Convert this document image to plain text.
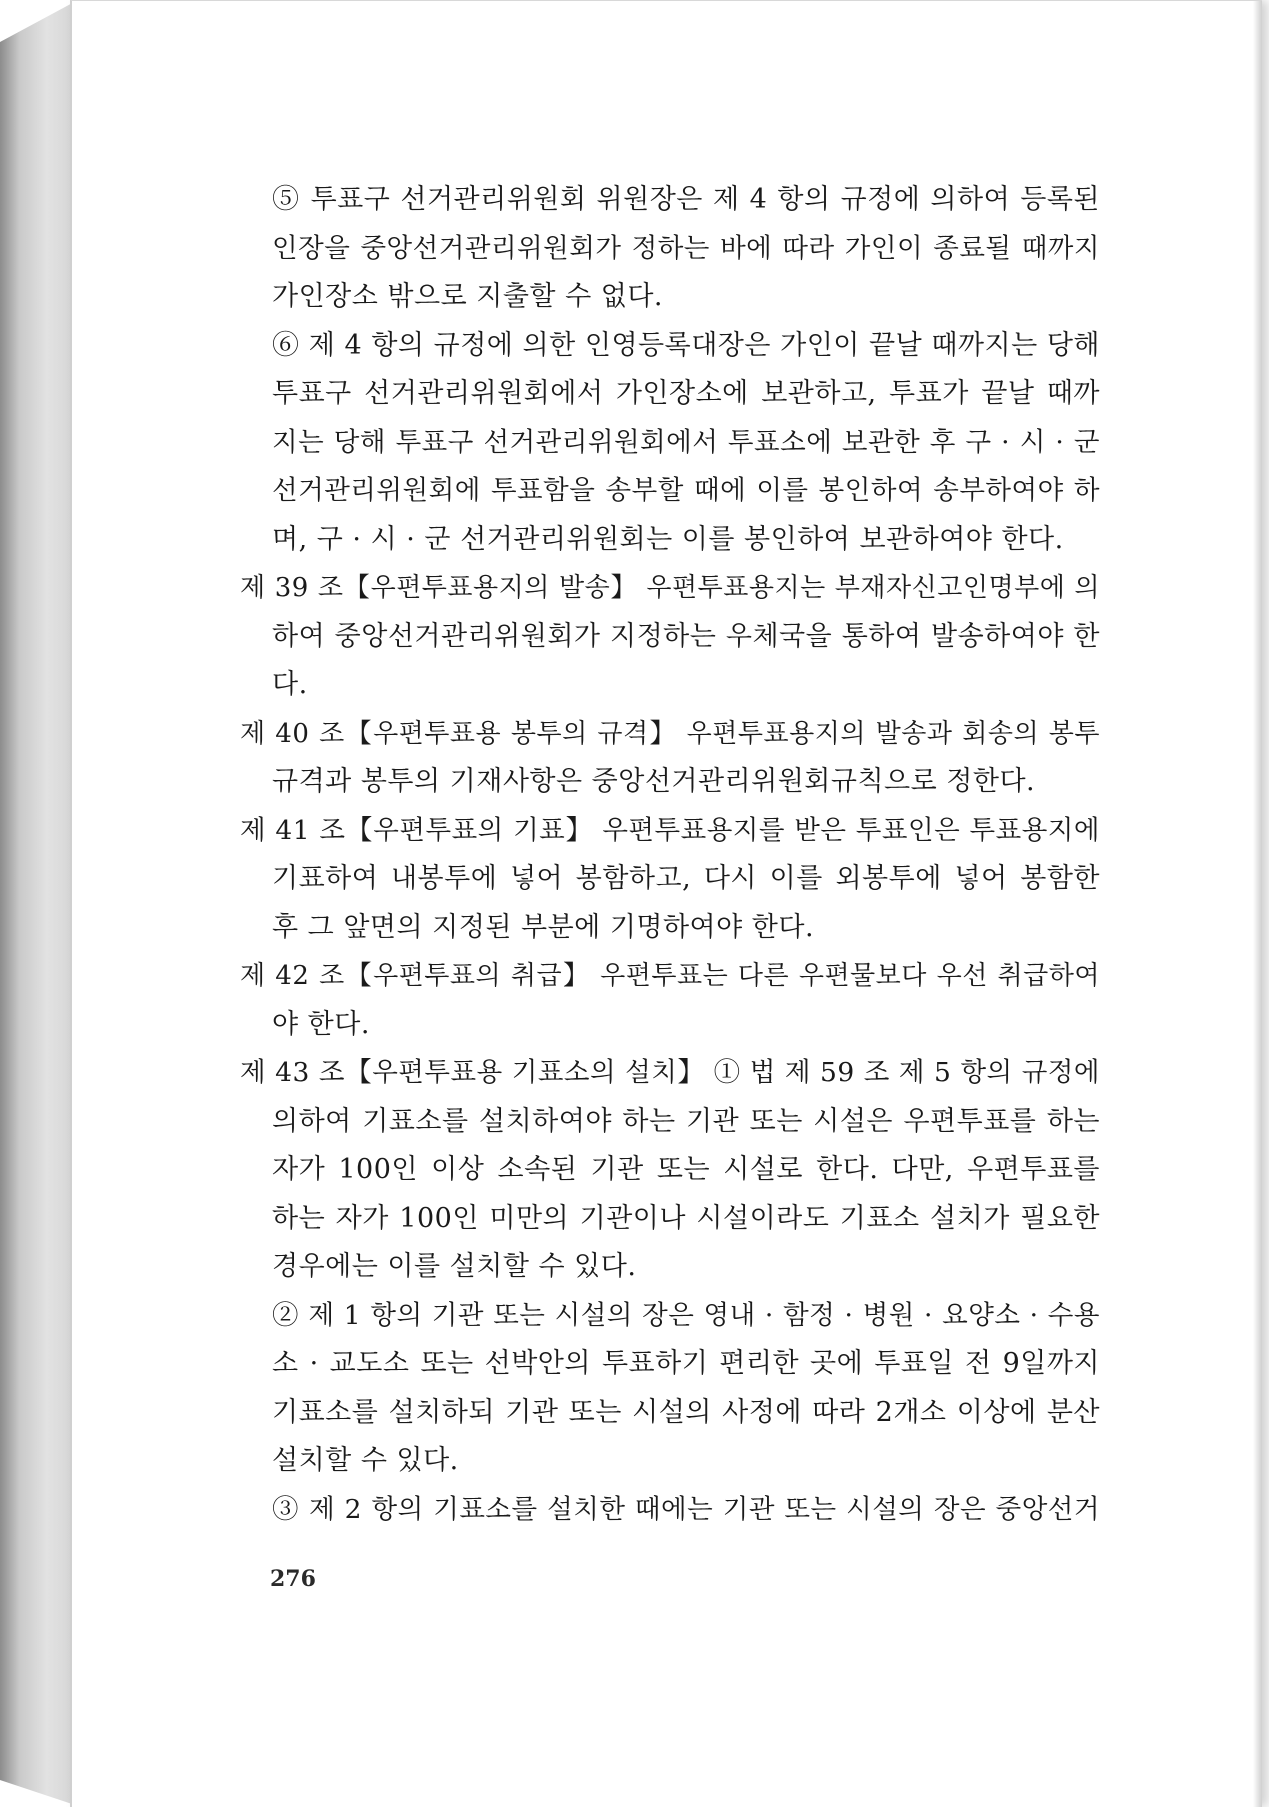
⑤ 투표구 선거관리위원회 위원장은 제 4 항의 규정에 의하여 등록된
인장을 중앙선거관리위원회가 정하는 바에 따라 가인이 종료될 때까지
가인장소 밖으로 지출할 수 없다.
⑥ 제 4 항의 규정에 의한 인영등록대장은 가인이 끝날 때까지는 당해
투표구 선거관리위원회에서 가인장소에 보관하고, 투표가 끝날 때까
지는 당해 투표구 선거관리위원회에서 투표소에 보관한 후 구 · 시 · 군
선거관리위원회에 투표함을 송부할 때에 이를 봉인하여 송부하여야 하
며, 구 · 시 · 군 선거관리위원회는 이를 봉인하여 보관하여야 한다.
제 39 조【우편투표용지의 발송】 우편투표용지는 부재자신고인명부에 의
하여 중앙선거관리위원회가 지정하는 우체국을 통하여 발송하여야 한
다.
제 40 조【우편투표용 봉투의 규격】 우편투표용지의 발송과 회송의 봉투
규격과 봉투의 기재사항은 중앙선거관리위원회규칙으로 정한다.
제 41 조【우편투표의 기표】 우편투표용지를 받은 투표인은 투표용지에
기표하여 내봉투에 넣어 봉함하고, 다시 이를 외봉투에 넣어 봉함한
후 그 앞면의 지정된 부분에 기명하여야 한다.
제 42 조【우편투표의 취급】 우편투표는 다른 우편물보다 우선 취급하여
야 한다.
제 43 조【우편투표용 기표소의 설치】 ① 법 제 59 조 제 5 항의 규정에
의하여 기표소를 설치하여야 하는 기관 또는 시설은 우편투표를 하는
자가 100인 이상 소속된 기관 또는 시설로 한다. 다만, 우편투표를
하는 자가 100인 미만의 기관이나 시설이라도 기표소 설치가 필요한
경우에는 이를 설치할 수 있다.
② 제 1 항의 기관 또는 시설의 장은 영내 · 함정 · 병원 · 요양소 · 수용
소 · 교도소 또는 선박안의 투표하기 편리한 곳에 투표일 전 9일까지
기표소를 설치하되 기관 또는 시설의 사정에 따라 2개소 이상에 분산
설치할 수 있다.
③ 제 2 항의 기표소를 설치한 때에는 기관 또는 시설의 장은 중앙선거
276
